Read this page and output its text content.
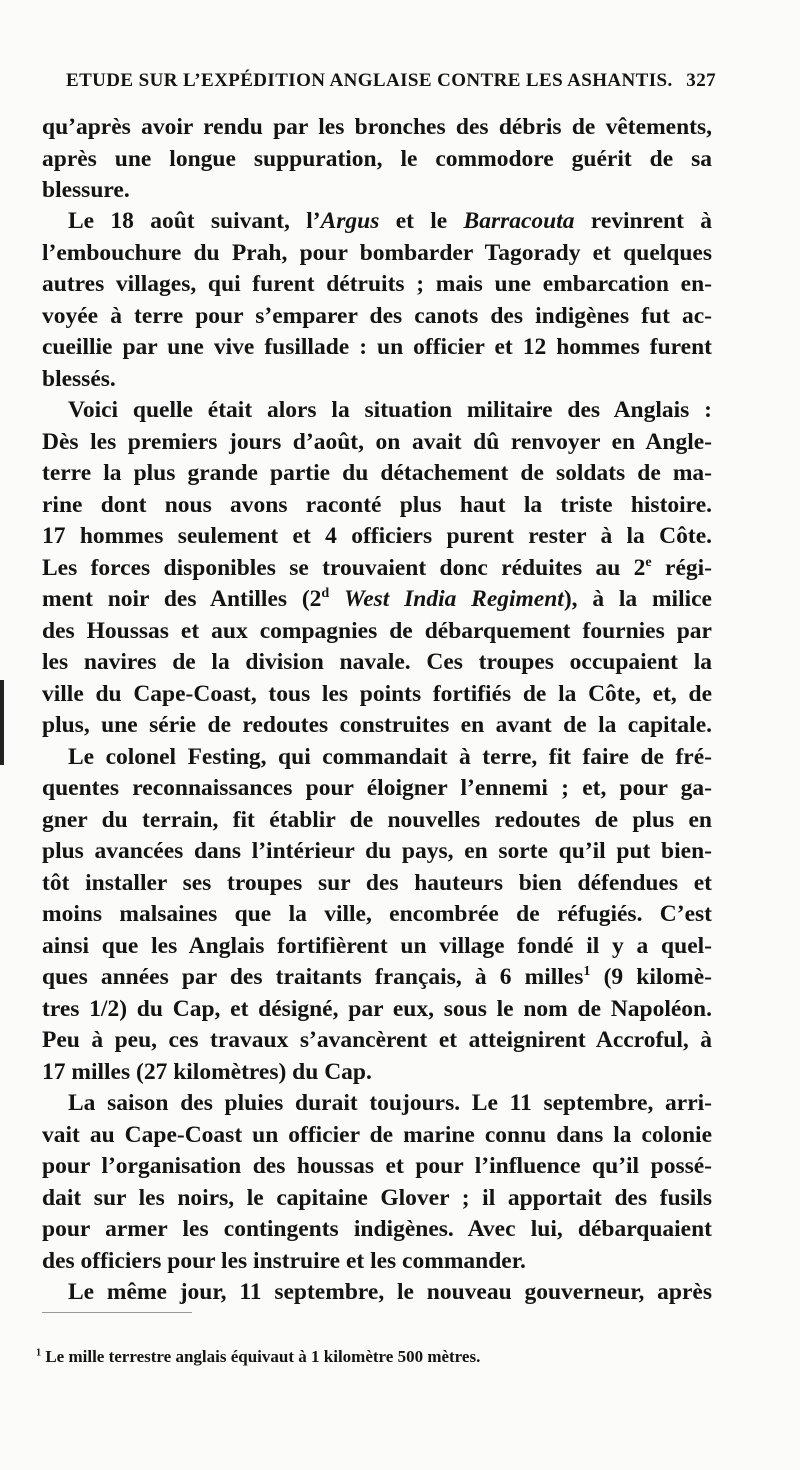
ETUDE SUR L’EXPÉDITION ANGLAISE CONTRE LES ASHANTIS. 327
qu’après avoir rendu par les bronches des débris de vêtements,
après une longue suppuration, le commodore guérit de sa
blessure.
Le 18 août suivant, l’Argus et le Barracouta revinrent à
l’embouchure du Prah, pour bombarder Tagorady et quelques
autres villages, qui furent détruits ; mais une embarcation en-
voyée à terre pour s’emparer des canots des indigènes fut ac-
cueillie par une vive fusillade : un officier et 12 hommes furent
blessés.
Voici quelle était alors la situation militaire des Anglais :
Dès les premiers jours d’août, on avait dû renvoyer en Angle-
terre la plus grande partie du détachement de soldats de ma-
rine dont nous avons raconté plus haut la triste histoire.
17 hommes seulement et 4 officiers purent rester à la Côte.
Les forces disponibles se trouvaient donc réduites au 2e régi-
ment noir des Antilles (2$^d$ West India Regiment), à la milice
des Houssas et aux compagnies de débarquement fournies par
les navires de la division navale. Ces troupes occupaient la
ville du Cape-Coast, tous les points fortifiés de la Côte, et, de
plus, une série de redoutes construites en avant de la capitale.
Le colonel Festing, qui commandait à terre, fit faire de fré-
quentes reconnaissances pour éloigner l’ennemi ; et, pour ga-
gner du terrain, fit établir de nouvelles redoutes de plus en
plus avancées dans l’intérieur du pays, en sorte qu’il put bien-
tôt installer ses troupes sur des hauteurs bien défendues et
moins malsaines que la ville, encombrée de réfugiés. C’est
ainsi que les Anglais fortifièrent un village fondé il y a quel-
ques années par des traitants français, à 6 milles$^1$ (9 kilomè-
tres 1/2) du Cap, et désigné, par eux, sous le nom de Napoléon.
Peu à peu, ces travaux s’avancèrent et atteignirent Accroful, à
17 milles (27 kilomètres) du Cap.
La saison des pluies durait toujours. Le 11 septembre, arri-
vait au Cape-Coast un officier de marine connu dans la colonie
pour l’organisation des houssas et pour l’influence qu’il possé-
dait sur les noirs, le capitaine Glover ; il apportait des fusils
pour armer les contingents indigènes. Avec lui, débarquaient
des officiers pour les instruire et les commander.
Le même jour, 11 septembre, le nouveau gouverneur, après
$^1$ Le mille terrestre anglais équivaut à 1 kilomètre 500 mètres.
